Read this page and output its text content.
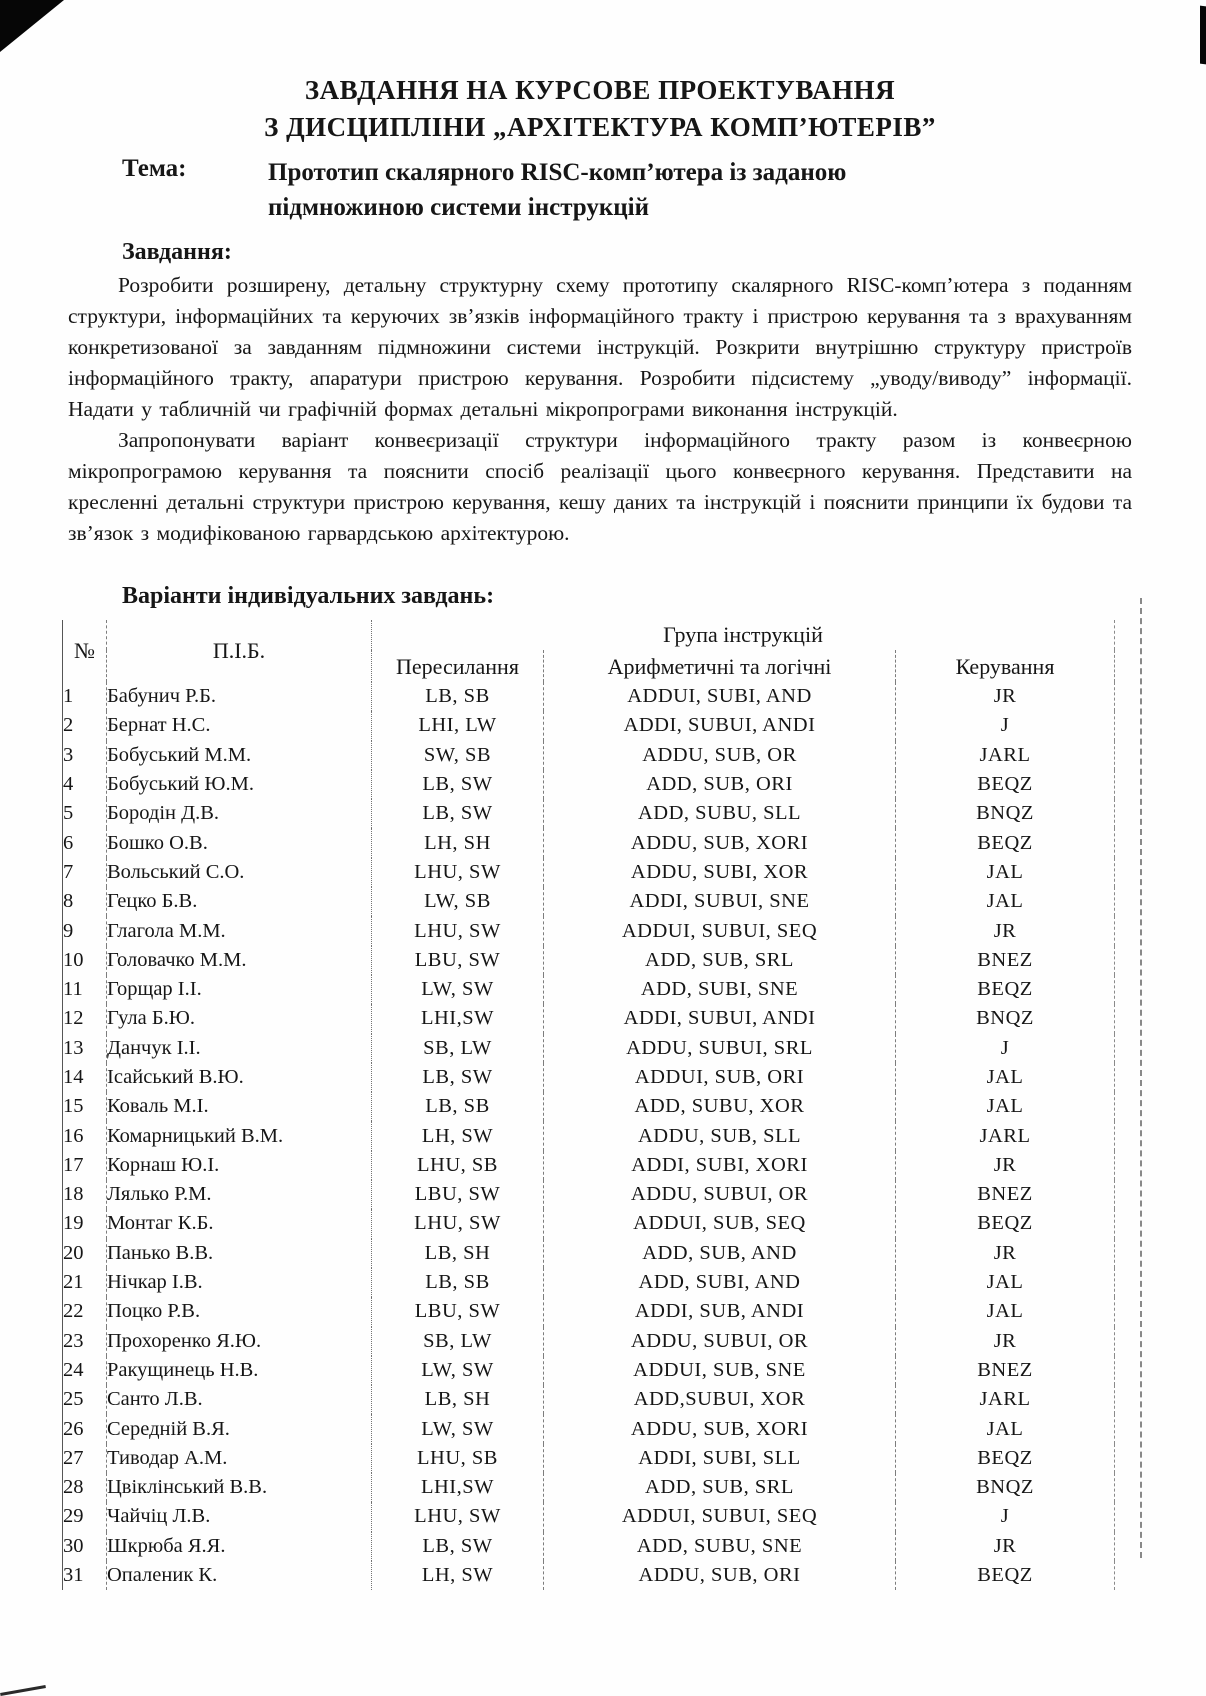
ЗАВДАННЯ НА КУРСОВЕ ПРОЕКТУВАННЯ
З ДИСЦИПЛІНИ „АРХІТЕКТУРА КОМП’ЮТЕРІВ”
Тема:	Прототип скалярного RISC-комп’ютера із заданою підмножиною системи інструкцій
Завдання:

Розробити розширену, детальну структурну схему прототипу скалярного RISC-комп’ютера з поданням структури, інформаційних та керуючих зв’язків інформаційного тракту і пристрою керування та з врахуванням конкретизованої за завданням підмножини системи інструкцій. Розкрити внутрішню структуру пристроїв інформаційного тракту, апаратури пристрою керування. Розробити підсистему „уводу/виводу” інформації. Надати у табличній чи графічній формах детальні мікропрограми виконання інструкцій.

Запропонувати варіант конвеєризації структури інформаційного тракту разом із конвеєрною мікропрограмою керування та пояснити спосіб реалізації цього конвеєрного керування. Представити на кресленні детальні структури пристрою керування, кешу даних та інструкцій і пояснити принципи їх будови та зв’язок з модифікованою гарвардською архітектурою.

Варіанти індивідуальних завдань:
№	П.І.Б.	Група інструкцій		
		Пересилання	Арифметичні та логічні	Керування
1	Бабунич Р.Б.	LB, SB	ADDUI, SUBI, AND	JR
2	Бернат Н.С.	LHI, LW	ADDI, SUBUI, ANDI	J
3	Бобуський М.М.	SW, SB	ADDU, SUB, OR	JARL
4	Бобуський Ю.М.	LB, SW	ADD, SUB, ORI	BEQZ
5	Бородін Д.В.	LB, SW	ADD, SUBU, SLL	BNQZ
6	Бошко О.В.	LH, SH	ADDU, SUB, XORI	BEQZ
7	Вольський С.О.	LHU, SW	ADDU, SUBI, XOR	JAL
8	Гецко Б.В.	LW, SB	ADDI, SUBUI, SNE	JAL
9	Глагола М.М.	LHU, SW	ADDUI, SUBUI, SEQ	JR
10	Головачко М.М.	LBU, SW	ADD, SUB, SRL	BNEZ
11	Горщар І.І.	LW, SW	ADD, SUBI, SNE	BEQZ
12	Гула Б.Ю.	LHI,SW	ADDI, SUBUI, ANDI	BNQZ
13	Данчук І.І.	SB, LW	ADDU, SUBUI, SRL	J
14	Ісайський В.Ю.	LB, SW	ADDUI, SUB, ORI	JAL
15	Коваль М.І.	LB, SB	ADD, SUBU, XOR	JAL
16	Комарницький В.М.	LH, SW	ADDU, SUB, SLL	JARL
17	Корнаш Ю.І.	LHU, SB	ADDI, SUBI, XORI	JR
18	Лялько Р.М.	LBU, SW	ADDU, SUBUI, OR	BNEZ
19	Монтаг К.Б.	LHU, SW	ADDUI, SUB, SEQ	BEQZ
20	Панько В.В.	LB, SH	ADD, SUB, AND	JR
21	Нічкар І.В.	LB, SB	ADD, SUBI, AND	JAL
22	Поцко Р.В.	LBU, SW	ADDI, SUB, ANDI	JAL
23	Прохоренко Я.Ю.	SB, LW	ADDU, SUBUI, OR	JR
24	Ракущинець Н.В.	LW, SW	ADDUI, SUB, SNE	BNEZ
25	Санто Л.В.	LB, SH	ADD,SUBUI, XOR	JARL
26	Середній В.Я.	LW, SW	ADDU, SUB, XORI	JAL
27	Тиводар А.М.	LHU, SB	ADDI, SUBI, SLL	BEQZ
28	Цвіклінський В.В.	LHI,SW	ADD, SUB, SRL	BNQZ
29	Чайчіц Л.В.	LHU, SW	ADDUI, SUBUI, SEQ	J
30	Шкрюба Я.Я.	LB, SW	ADD, SUBU, SNE	JR
31	Опаленик К.	LH, SW	ADDU, SUB, ORI	BEQZ
